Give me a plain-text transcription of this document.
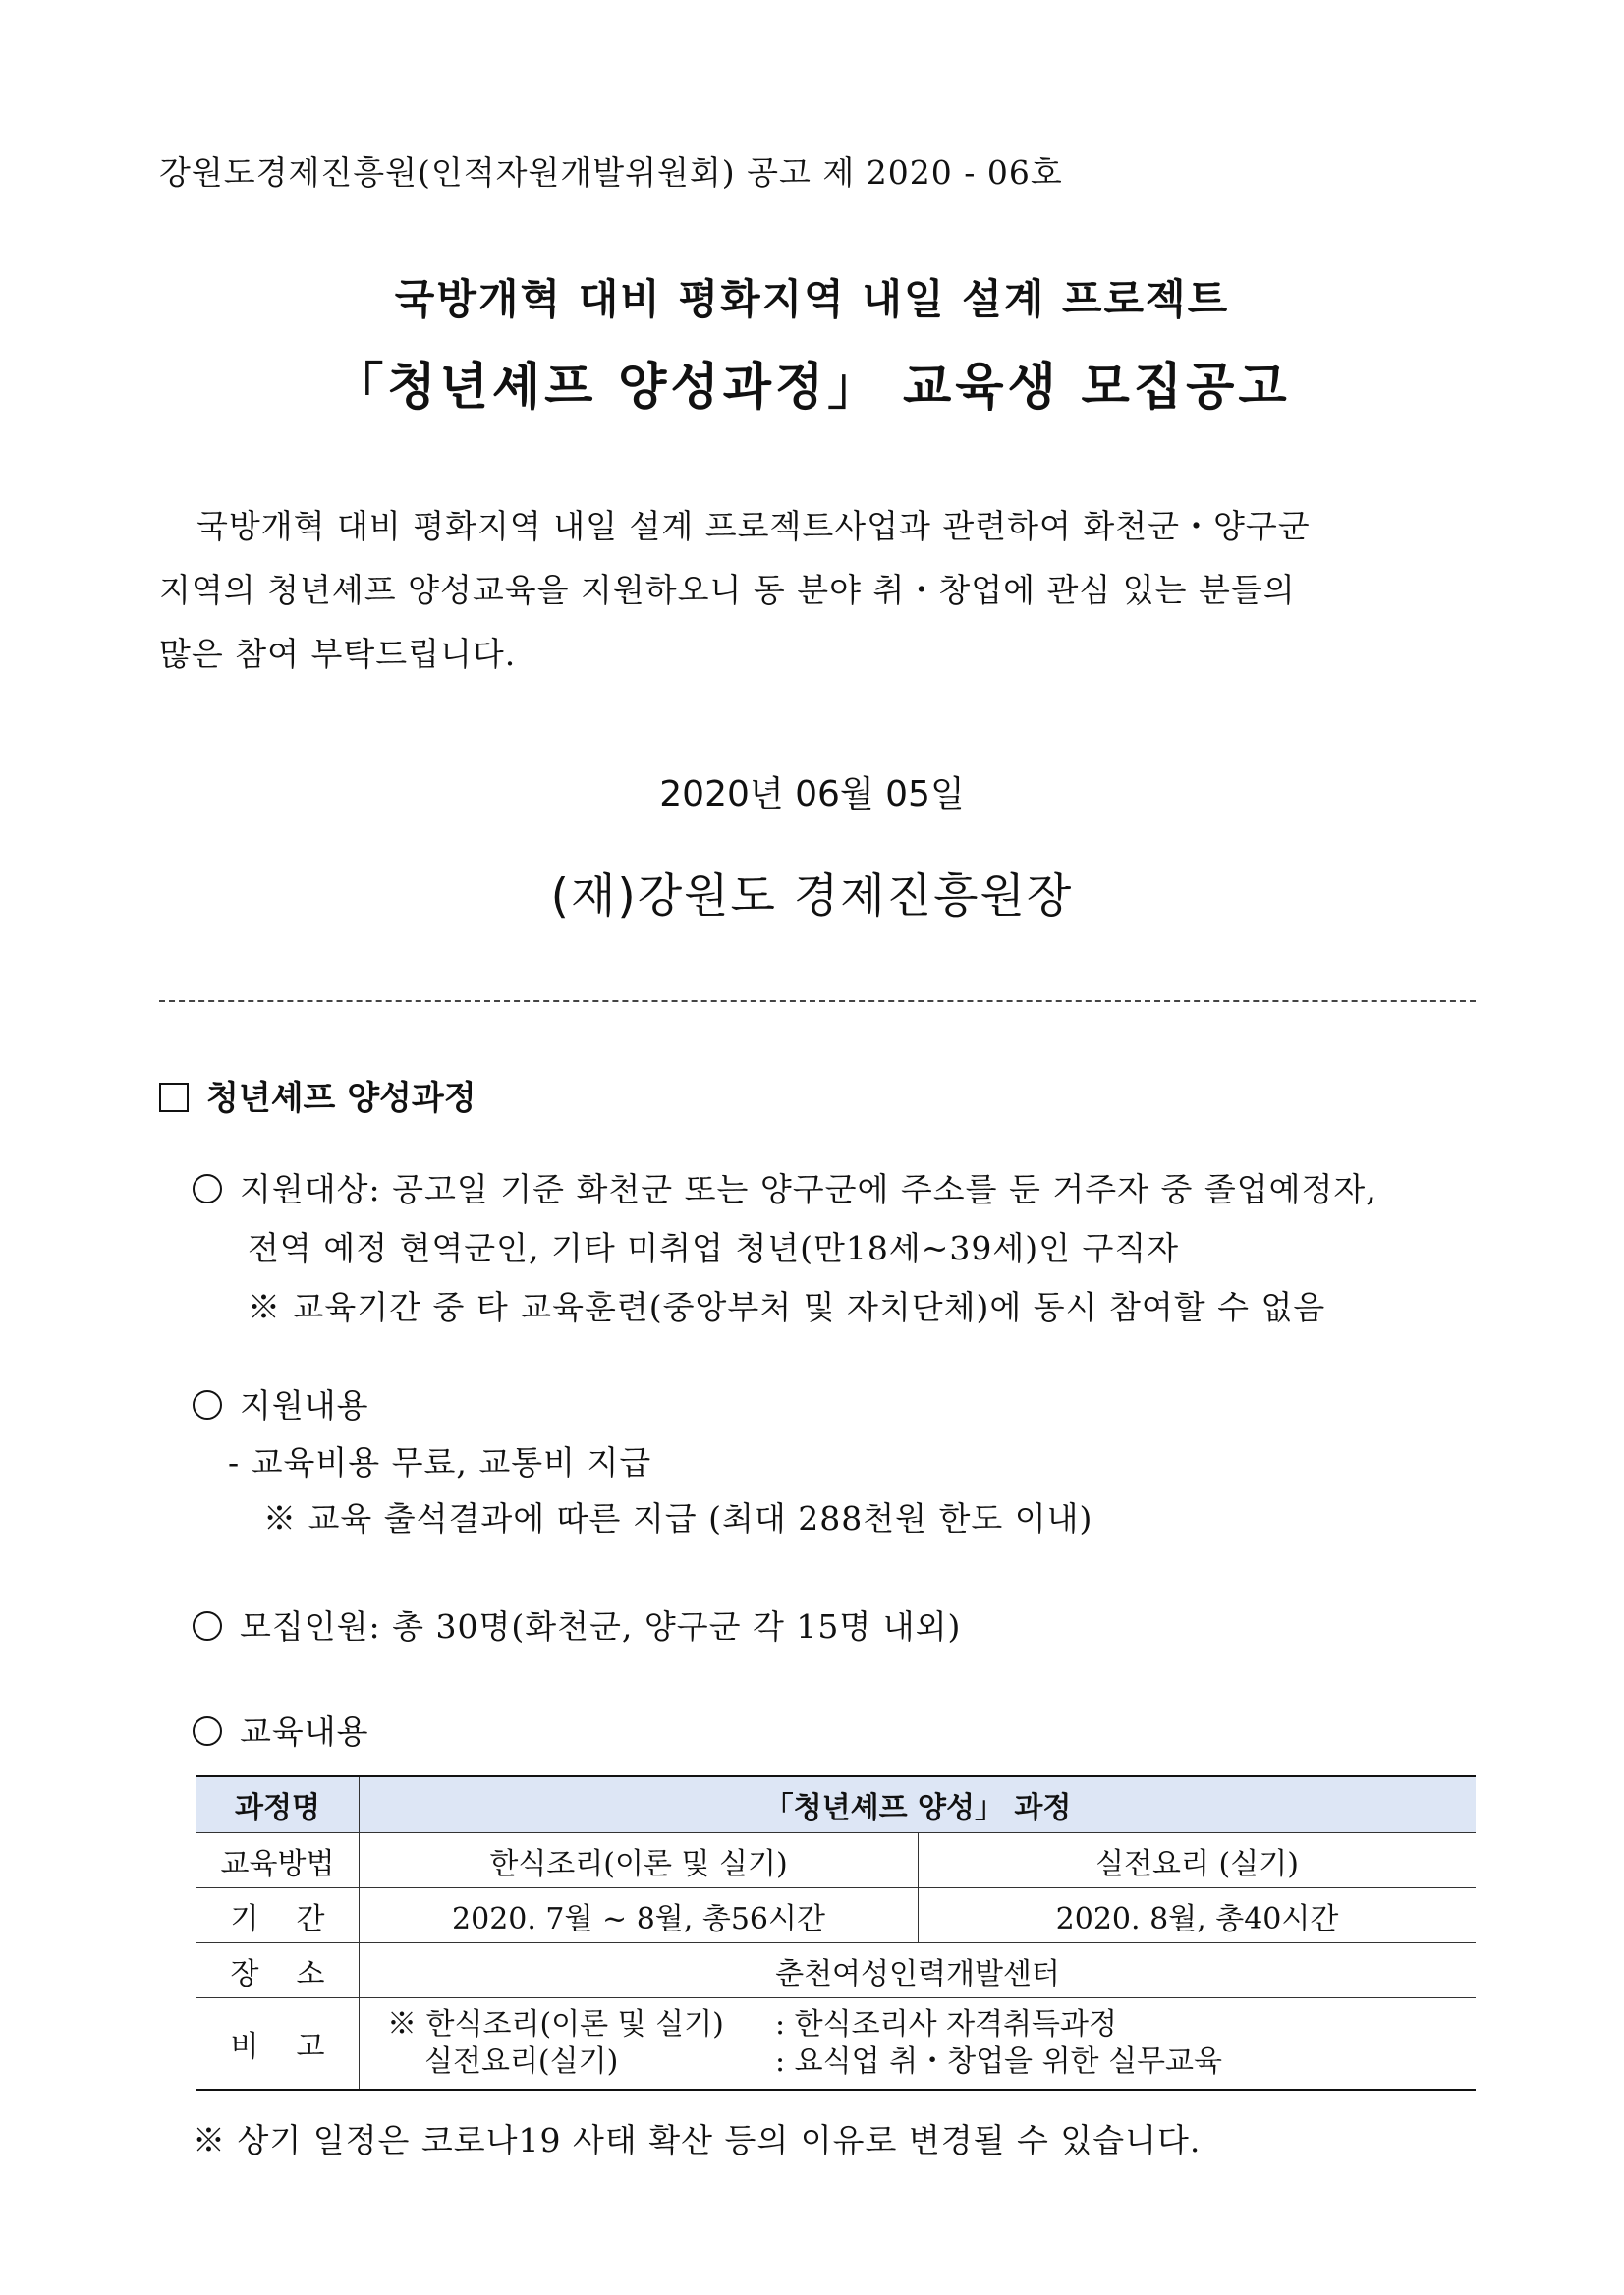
강원도경제진흥원(인적자원개발위원회) 공고 제 2020 - 06호
국방개혁 대비 평화지역 내일 설계 프로젝트
「청년셰프 양성과정」 교육생 모집공고
국방개혁 대비 평화지역 내일 설계 프로젝트사업과 관련하여 화천군・양구군
지역의 청년셰프 양성교육을 지원하오니 동 분야 취・창업에 관심 있는 분들의
많은 참여 부탁드립니다.
2020년 06월 05일
(재)강원도 경제진흥원장
청년셰프 양성과정
지원대상: 공고일 기준 화천군 또는 양구군에 주소를 둔 거주자 중 졸업예정자,
전역 예정 현역군인, 기타 미취업 청년(만18세~39세)인 구직자
※ 교육기간 중 타 교육훈련(중앙부처 및 자치단체)에 동시 참여할 수 없음
지원내용
- 교육비용 무료, 교통비 지급
※ 교육 출석결과에 따른 지급 (최대 288천원 한도 이내)
모집인원: 총 30명(화천군, 양구군 각 15명 내외)
교육내용
과정명	「청년셰프 양성」 과정	
교육방법	한식조리(이론 및 실기)	실전요리 (실기)
기    간	2020. 7월 ~ 8월, 총56시간	2020. 8월, 총40시간
장    소	춘천여성인력개발센터	
비    고	※ 한식조리(이론 및 실기) : 한식조리사 자격취득과정
실전요리(실기) : 요식업 취・창업을 위한 실무교육	
※ 상기 일정은 코로나19 사태 확산 등의 이유로 변경될 수 있습니다.
